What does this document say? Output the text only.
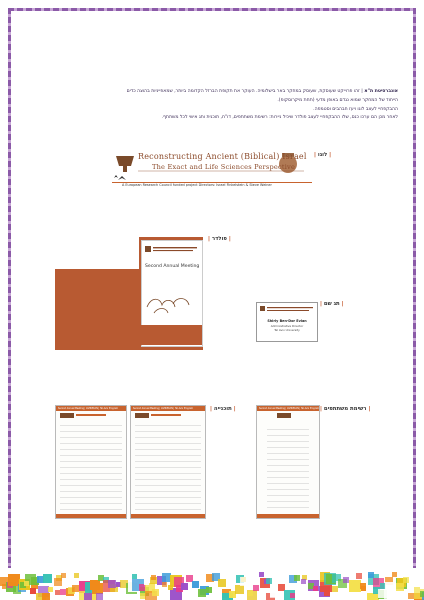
אונברסיטת ת"א | זהו פרוייקט שעוסקת, שעוסק במחקר באר בישלומיה. העוקר את תקופת הברזל הקדומה ביותר, שמאפייניות בהוצה כדים
הייחוד של המחקר שמוא נגדם באופן מדעי (תחת מיקרוסקופ).
ההבקפחיי לעצב לוגו ויעז חבהבים וסטמפה.
לאחר מכן הם ערכו כנס, שלו ההבקפחיי לעצב פולדר שיכיל ניירות: רשימת משתתפים, דו"ח, תוכנית ותג אישי לכל משתתף.
| לוגו |
Reconstructing Ancient (Biblical) Israel
The Exact and Life Sciences Perspective
A European Research Council funded project Directors: Israel Finkelstein & Steve Weiner
| פולדר |
Second Annual Meeting
| תג שם |
Shirly Ben-Dor Evian
Administrative Director
Tel Aviv University
| תוכנייה |
Second Annual Meeting | ASHKELON | Tel Aviv Program	Second Annual Meeting | ASHKELON | Tel Aviv Program	| רשימת משתתפים |
Second Annual Meeting | ASHKELON | Tel Aviv Program
